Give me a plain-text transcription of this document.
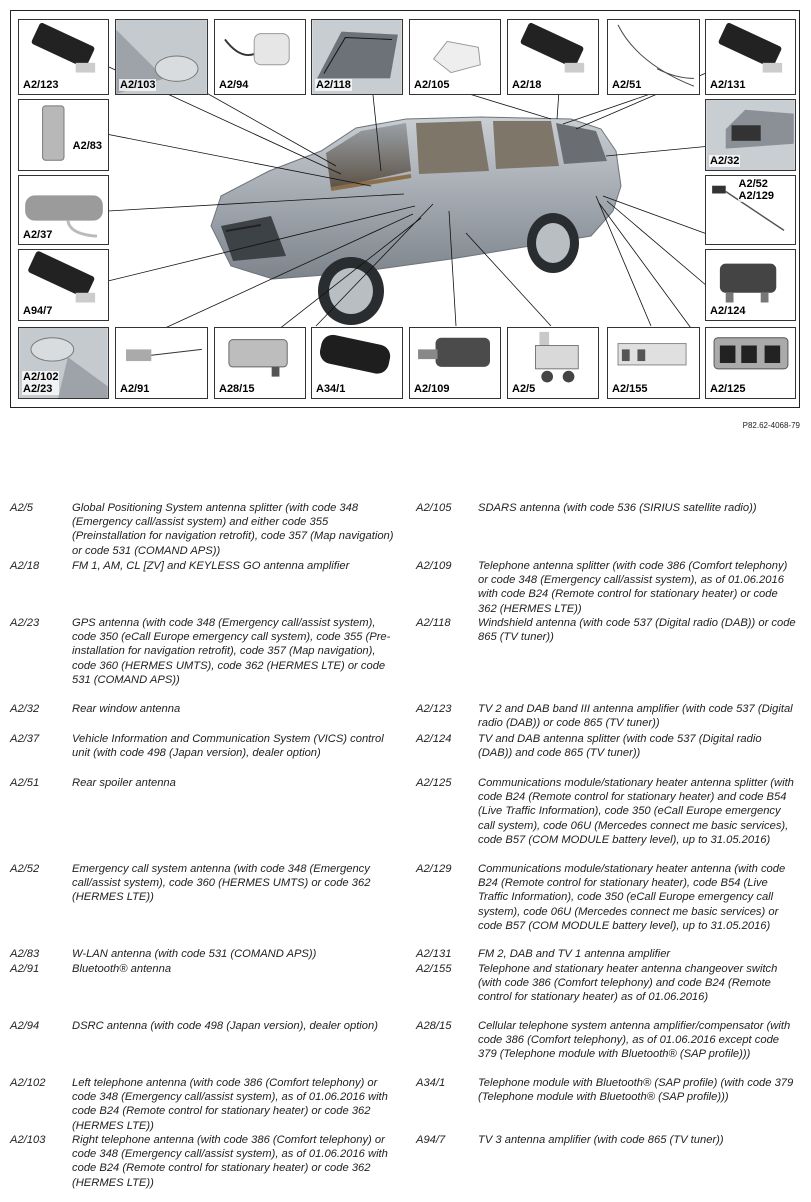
A2/123	A2/103	A2/94	A2/118	A2/105	A2/18	A2/51	A2/131
A2/83
A2/32
A2/37
A2/52
A2/129
A94/7	A2/124
A2/102
A2/23	A2/91	A28/15	A34/1	A2/109	A2/5	A2/155	A2/125
P82.62-4068-79
A2/5	Global Positioning System antenna splitter (with code 348 (Emergency call/assist system) and either code 355 (Preinstallation for navigation retrofit), code 357 (Map navigation) or code 531 (COMAND APS))
A2/18	FM 1, AM, CL [ZV] and KEYLESS GO antenna amplifier
A2/23	GPS antenna (with code 348 (Emergency call/assist system), code 350 (eCall Europe emergency call system), code 355 (Pre-installation for navigation retrofit), code 357 (Map navigation), code 360 (HERMES UMTS), code 362 (HERMES LTE) or code 531 (COMAND APS))
A2/32	Rear window antenna
A2/37	Vehicle Information and Communication System (VICS) control unit (with code 498 (Japan version), dealer option)
A2/51	Rear spoiler antenna
A2/52	Emergency call system antenna (with code 348 (Emergency call/assist system), code 360 (HERMES UMTS) or code 362 (HERMES LTE))
A2/83	W-LAN antenna (with code 531 (COMAND APS))
A2/91	Bluetooth® antenna
A2/94	DSRC antenna (with code 498 (Japan version), dealer option)
A2/102	Left telephone antenna (with code 386 (Comfort telephony) or code 348 (Emergency call/assist system), as of 01.06.2016 with code B24 (Remote control for stationary heater) or code 362 (HERMES LTE))
A2/103	Right telephone antenna (with code 386 (Comfort telephony) or code 348 (Emergency call/assist system), as of 01.06.2016 with code B24 (Remote control for stationary heater) or code 362 (HERMES LTE))
A2/105	SDARS antenna (with code 536 (SIRIUS satellite radio))
A2/109	Telephone antenna splitter (with code 386 (Comfort telephony) or code 348 (Emergency call/assist system), as of 01.06.2016 with code B24 (Remote control for stationary heater) or code 362 (HERMES LTE))
A2/118	Windshield antenna (with code 537 (Digital radio (DAB)) or code 865 (TV tuner))
A2/123	TV 2 and DAB band III antenna amplifier (with code 537 (Digital radio (DAB)) or code 865 (TV tuner))
A2/124	TV and DAB antenna splitter (with code 537 (Digital radio (DAB)) and code 865 (TV tuner))
A2/125	Communications module/stationary heater antenna splitter (with code B24 (Remote control for stationary heater) and code B54 (Live Traffic Information), code 350 (eCall Europe emergency call system), code 06U (Mercedes connect me basic services), code B57 (COM MODULE battery level), up to 31.05.2016)
A2/129	Communications module/stationary heater antenna (with code B24 (Remote control for stationary heater), code B54 (Live Traffic Information), code 350 (eCall Europe emergency call system), code 06U (Mercedes connect me basic services) or code B57 (COM MODULE battery level), up to 31.05.2016)
A2/131	FM 2, DAB and TV 1 antenna amplifier
A2/155	Telephone and stationary heater antenna changeover switch (with code 386 (Comfort telephony) and code B24 (Remote control for stationary heater) as of 01.06.2016)
A28/15	Cellular telephone system antenna amplifier/compensator (with code 386 (Comfort telephony), as of 01.06.2016 except code 379 (Telephone module with Bluetooth® (SAP profile)))
A34/1	Telephone module with Bluetooth® (SAP profile) (with code 379 (Telephone module with Bluetooth® (SAP profile)))
A94/7	TV 3 antenna amplifier (with code 865 (TV tuner))
